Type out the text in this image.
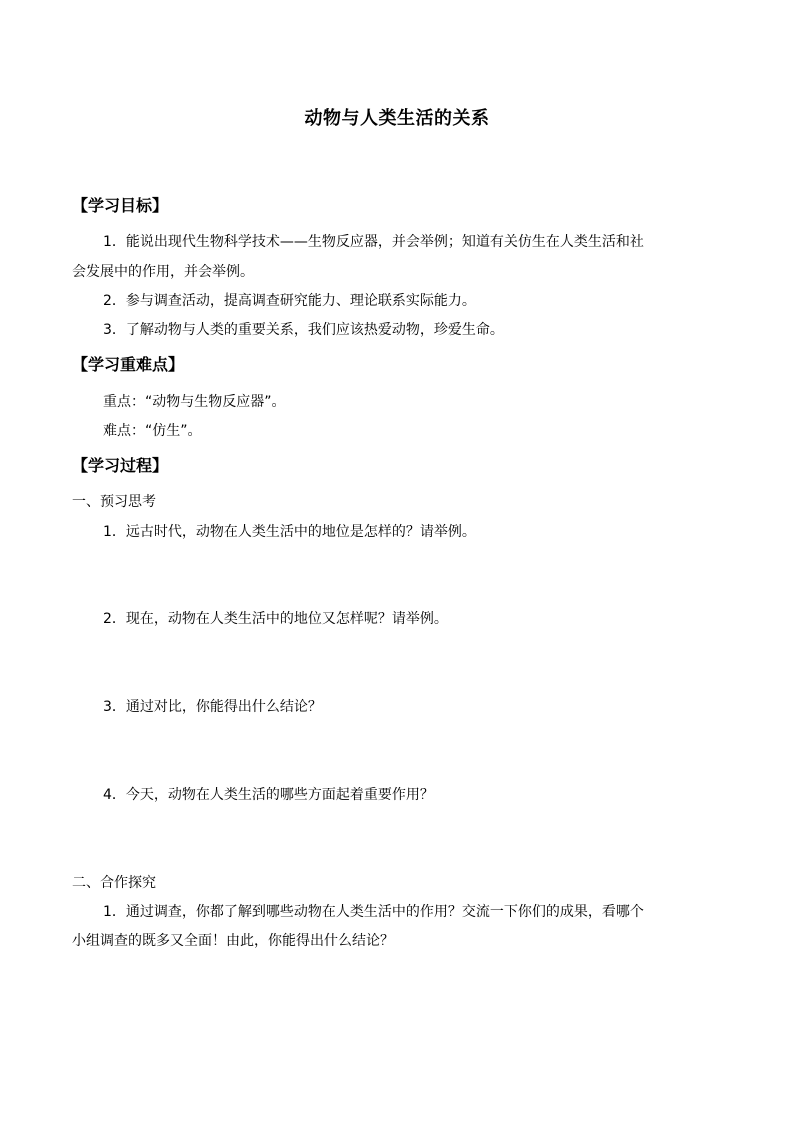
动物与人类生活的关系
【学习目标】
1．能说出现代生物科学技术——生物反应器，并会举例；知道有关仿生在人类生活和社
会发展中的作用，并会举例。
2．参与调查活动，提高调查研究能力、理论联系实际能力。
3．了解动物与人类的重要关系，我们应该热爱动物，珍爱生命。
【学习重难点】
重点：“动物与生物反应器”。
难点：“仿生”。
【学习过程】
一、预习思考
1．远古时代，动物在人类生活中的地位是怎样的？请举例。
2．现在，动物在人类生活中的地位又怎样呢？请举例。
3．通过对比，你能得出什么结论？
4．今天，动物在人类生活的哪些方面起着重要作用？
二、合作探究
1．通过调查，你都了解到哪些动物在人类生活中的作用？交流一下你们的成果，看哪个
小组调查的既多又全面！由此，你能得出什么结论？
